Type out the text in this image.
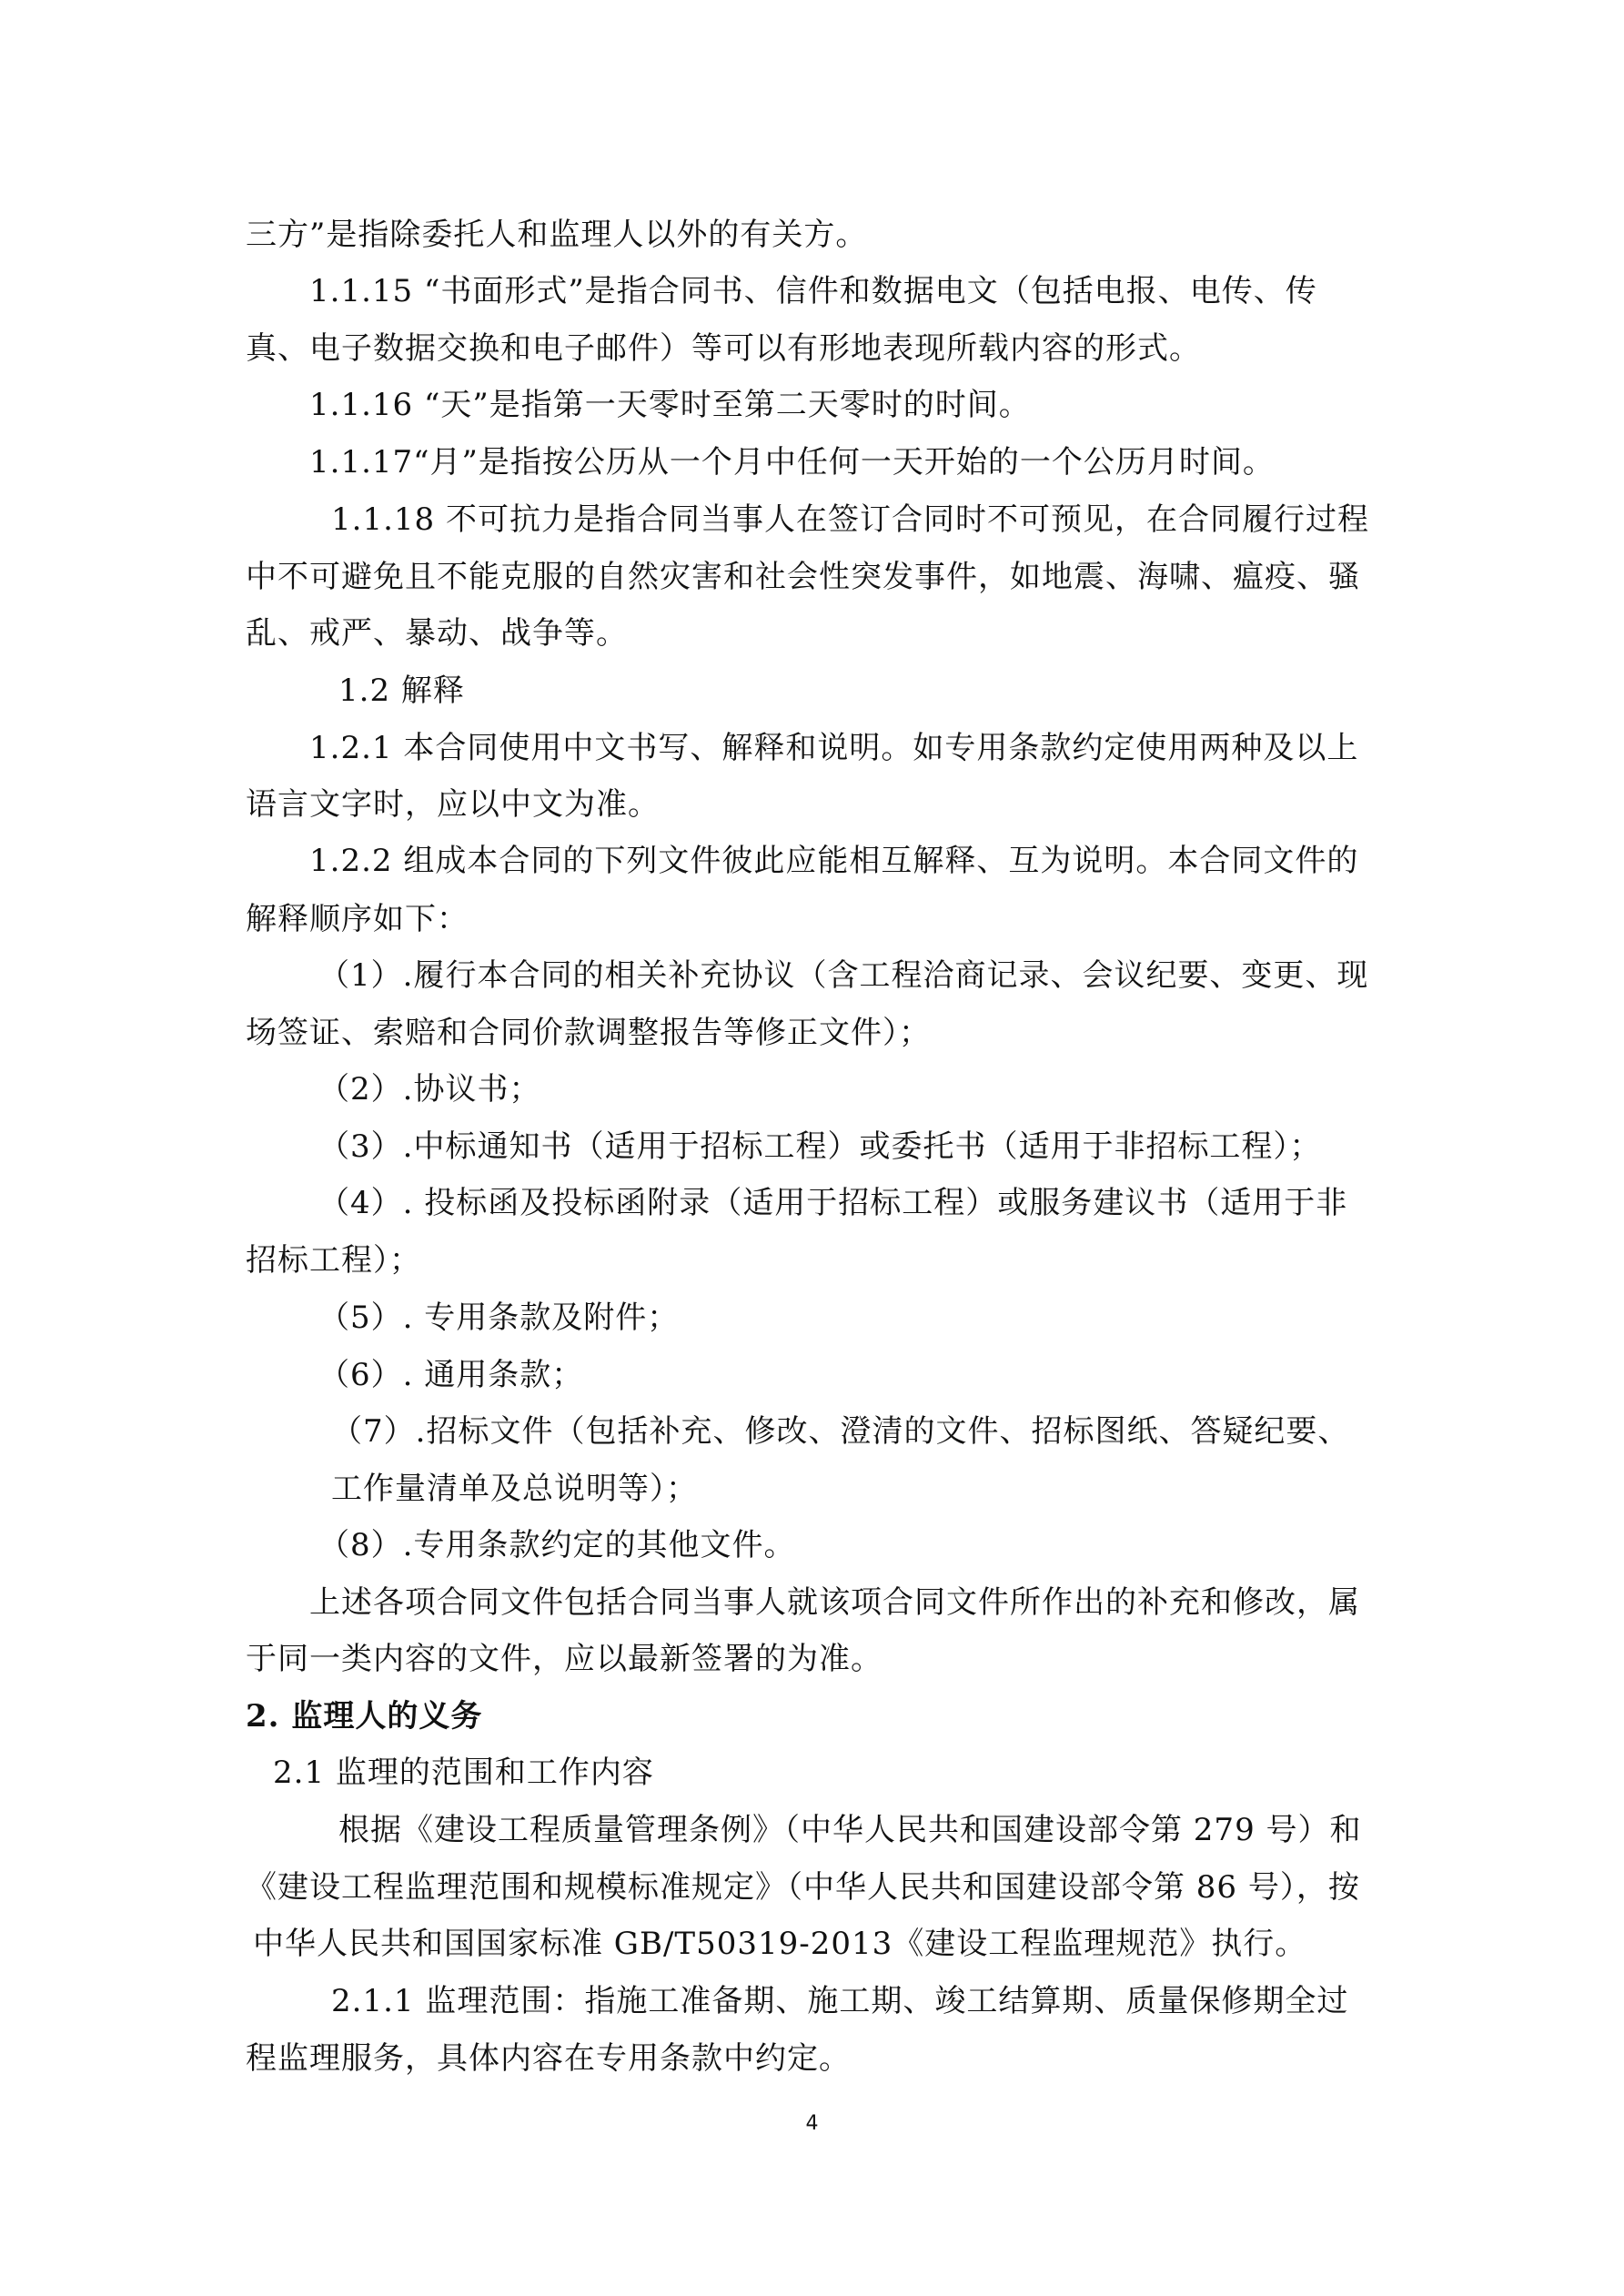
三方”是指除委托人和监理人以外的有关方。
1.1.15 “书面形式”是指合同书、信件和数据电文（包括电报、电传、传
真、电子数据交换和电子邮件）等可以有形地表现所载内容的形式。
1.1.16 “天”是指第一天零时至第二天零时的时间。
1.1.17“月”是指按公历从一个月中任何一天开始的一个公历月时间。
1.1.18 不可抗力是指合同当事人在签订合同时不可预见，在合同履行过程
中不可避免且不能克服的自然灾害和社会性突发事件，如地震、海啸、瘟疫、骚
乱、戒严、暴动、战争等。
1.2 解释
1.2.1 本合同使用中文书写、解释和说明。如专用条款约定使用两种及以上
语言文字时，应以中文为准。
1.2.2 组成本合同的下列文件彼此应能相互解释、互为说明。本合同文件的
解释顺序如下：
（1）.履行本合同的相关补充协议（含工程洽商记录、会议纪要、变更、现
场签证、索赔和合同价款调整报告等修正文件）；
（2）.协议书；
（3）.中标通知书（适用于招标工程）或委托书（适用于非招标工程）；
（4）. 投标函及投标函附录（适用于招标工程）或服务建议书（适用于非
招标工程）；
（5）. 专用条款及附件；
（6）. 通用条款；
（7）.招标文件（包括补充、修改、澄清的文件、招标图纸、答疑纪要、
工作量清单及总说明等）；
（8）.专用条款约定的其他文件。
上述各项合同文件包括合同当事人就该项合同文件所作出的补充和修改，属
于同一类内容的文件，应以最新签署的为准。
2. 监理人的义务
2.1 监理的范围和工作内容
根据《建设工程质量管理条例》（中华人民共和国建设部令第 279 号）和
《建设工程监理范围和规模标准规定》（中华人民共和国建设部令第 86 号），按
中华人民共和国国家标准 GB/T50319-2013《建设工程监理规范》执行。
2.1.1 监理范围：指施工准备期、施工期、竣工结算期、质量保修期全过
程监理服务，具体内容在专用条款中约定。
4
